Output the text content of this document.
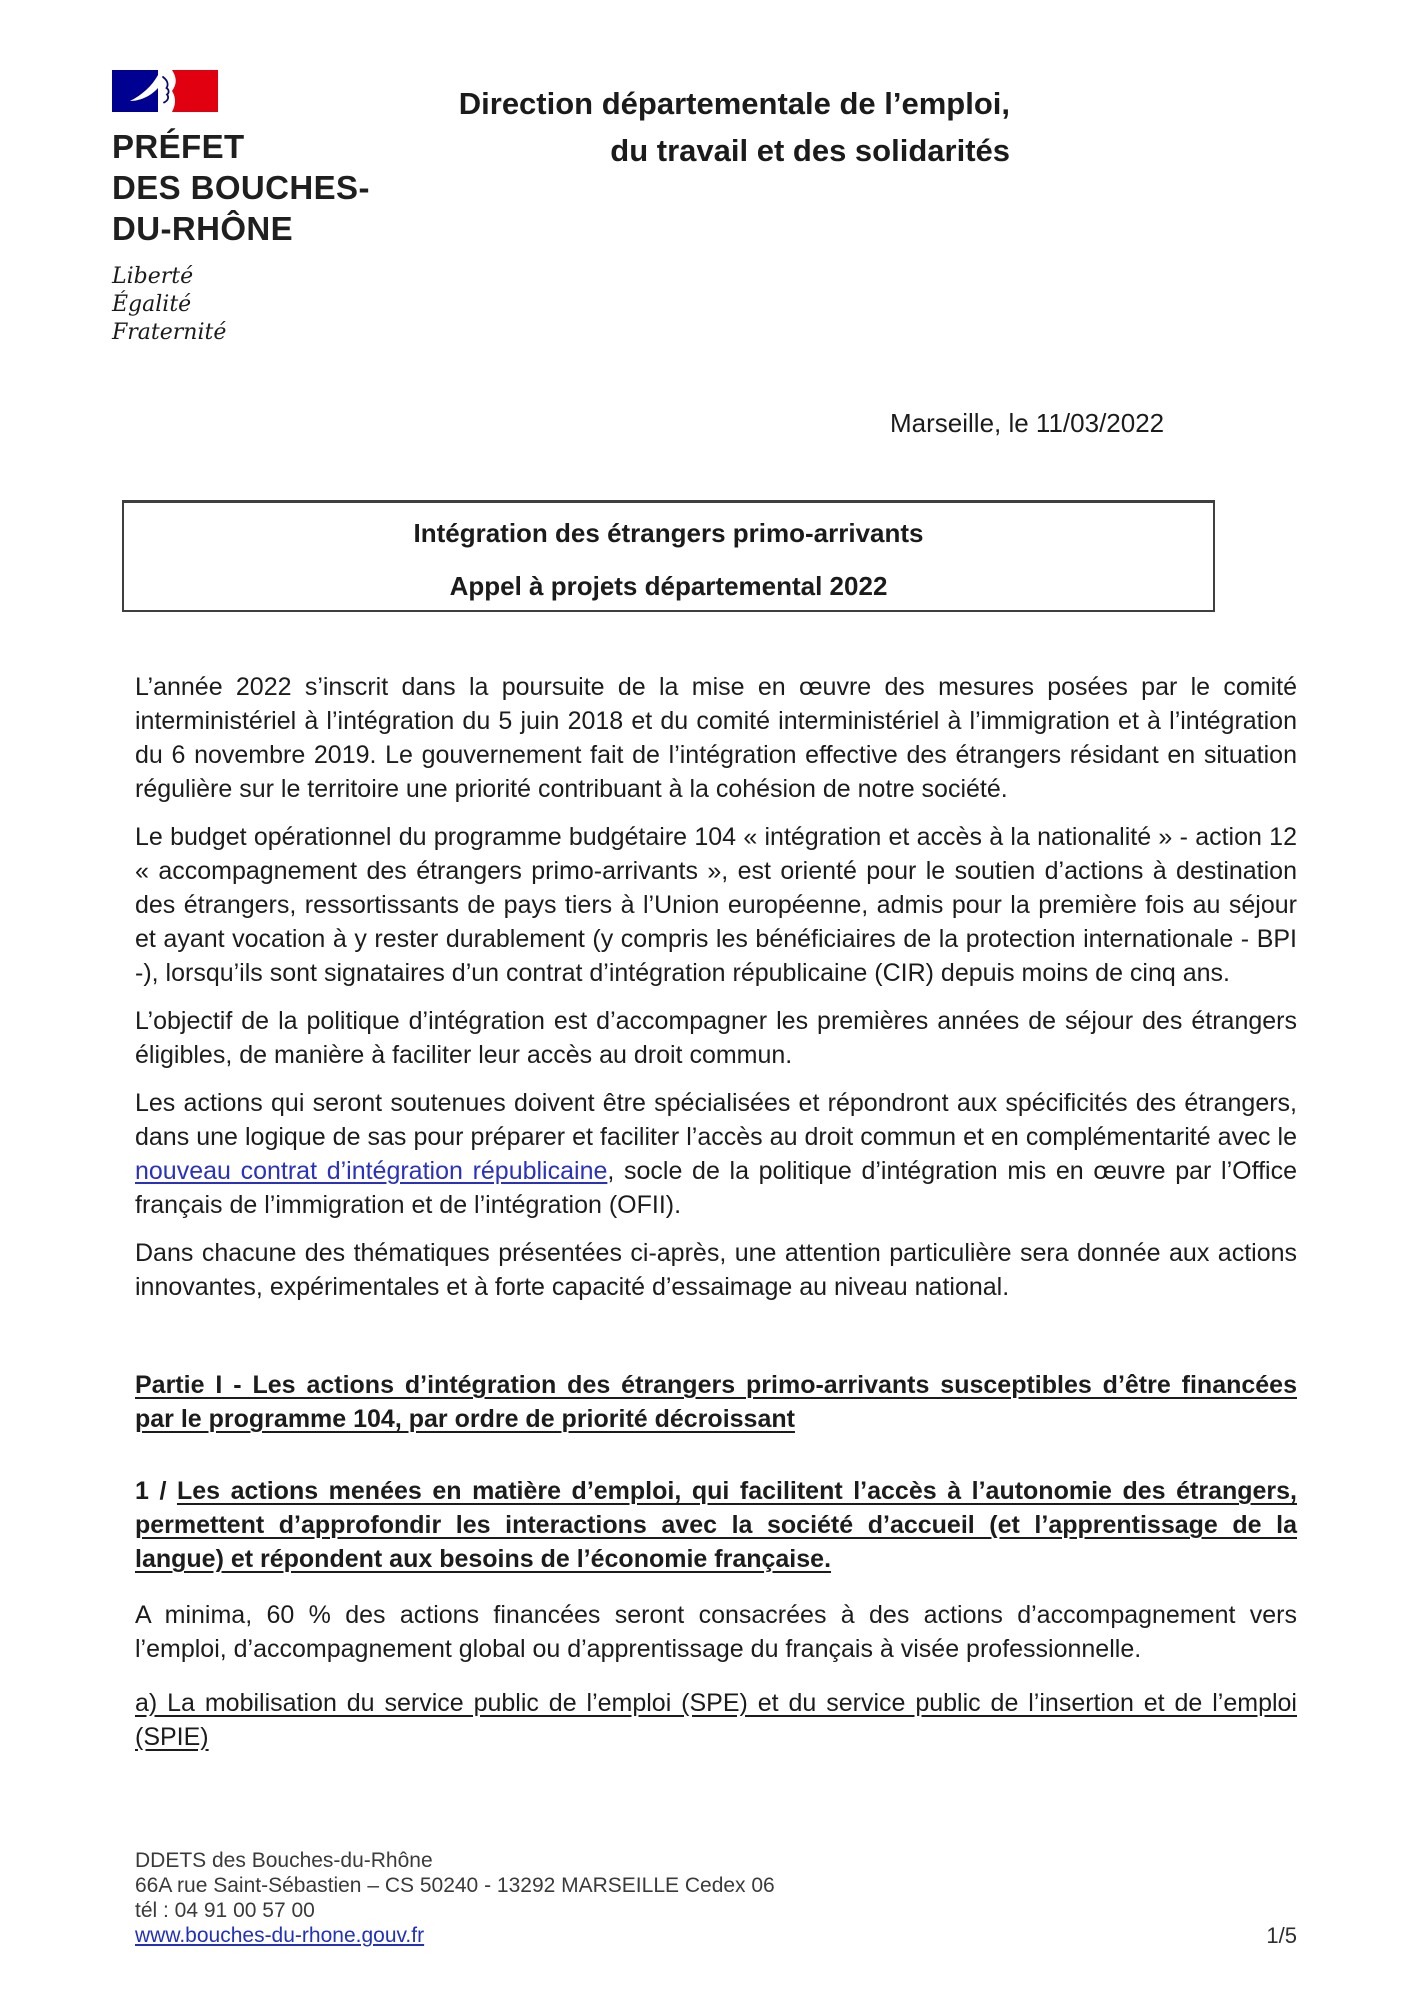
PRÉFET
DES BOUCHES-
DU-RHÔNE
Liberté
Égalité
Fraternité
Direction départementale de l’emploi,
du travail et des solidarités
Marseille, le 11/03/2022
Intégration des étrangers primo-arrivants
Appel à projets départemental 2022

L’année 2022 s’inscrit dans la poursuite de la mise en œuvre des mesures posées par le comité interministériel à l’intégration du 5 juin 2018 et du comité interministériel à l’immigration et à l’intégration du 6 novembre 2019. Le gouvernement fait de l’intégration effective des étrangers résidant en situation régulière sur le territoire une priorité contribuant à la cohésion de notre société.

Le budget opérationnel du programme budgétaire 104 « intégration et accès à la nationalité » - action 12 « accompagnement des étrangers primo-arrivants », est orienté pour le soutien d’actions à destination des étrangers, ressortissants de pays tiers à l’Union européenne, admis pour la première fois au séjour et ayant vocation à y rester durablement (y compris les bénéficiaires de la protection internationale - BPI -), lorsqu’ils sont signataires d’un contrat d’intégration républicaine (CIR) depuis moins de cinq ans.

L’objectif de la politique d’intégration est d’accompagner les premières années de séjour des étrangers éligibles, de manière à faciliter leur accès au droit commun.

Les actions qui seront soutenues doivent être spécialisées et répondront aux spécificités des étrangers, dans une logique de sas pour préparer et faciliter l’accès au droit commun et en complémentarité avec le nouveau contrat d’intégration républicaine, socle de la politique d’intégration mis en œuvre par l’Office français de l’immigration et de l’intégration (OFII).

Dans chacune des thématiques présentées ci-après, une attention particulière sera donnée aux actions innovantes, expérimentales et à forte capacité d’essaimage au niveau national.

Partie I - Les actions d’intégration des étrangers primo-arrivants susceptibles d’être financées par le programme 104, par ordre de priorité décroissant

1 / Les actions menées en matière d’emploi, qui facilitent l’accès à l’autonomie des étrangers, permettent d’approfondir les interactions avec la société d’accueil (et l’apprentissage de la langue) et répondent aux besoins de l’économie française.

A minima, 60 % des actions financées seront consacrées à des actions d’accompagnement vers l’emploi, d’accompagnement global ou d’apprentissage du français à visée professionnelle.

a) La mobilisation du service public de l’emploi (SPE) et du service public de l’insertion et de l’emploi (SPIE)

DDETS des Bouches-du-Rhône
66A rue Saint-Sébastien – CS 50240 - 13292 MARSEILLE Cedex 06
tél : 04 91 00 57 00
www.bouches-du-rhone.gouv.fr	1/5
